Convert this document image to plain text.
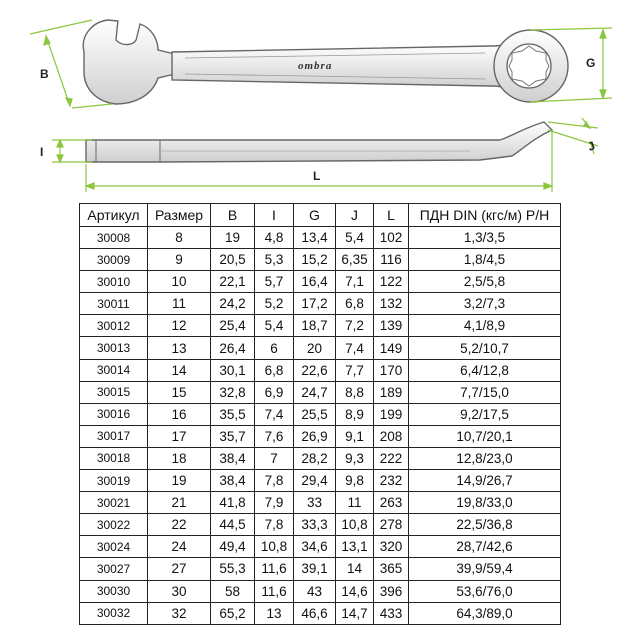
ombra
B
G
I	J
L
Артикул	Размер	B	I	G	J	L	ПДН DIN (кгс/м) Р/Н
30008	8	19	4,8	13,4	5,4	102	1,3/3,5
30009	9	20,5	5,3	15,2	6,35	116	1,8/4,5
30010	10	22,1	5,7	16,4	7,1	122	2,5/5,8
30011	11	24,2	5,2	17,2	6,8	132	3,2/7,3
30012	12	25,4	5,4	18,7	7,2	139	4,1/8,9
30013	13	26,4	6	20	7,4	149	5,2/10,7
30014	14	30,1	6,8	22,6	7,7	170	6,4/12,8
30015	15	32,8	6,9	24,7	8,8	189	7,7/15,0
30016	16	35,5	7,4	25,5	8,9	199	9,2/17,5
30017	17	35,7	7,6	26,9	9,1	208	10,7/20,1
30018	18	38,4	7	28,2	9,3	222	12,8/23,0
30019	19	38,4	7,8	29,4	9,8	232	14,9/26,7
30021	21	41,8	7,9	33	11	263	19,8/33,0
30022	22	44,5	7,8	33,3	10,8	278	22,5/36,8
30024	24	49,4	10,8	34,6	13,1	320	28,7/42,6
30027	27	55,3	11,6	39,1	14	365	39,9/59,4
30030	30	58	11,6	43	14,6	396	53,6/76,0
30032	32	65,2	13	46,6	14,7	433	64,3/89,0
